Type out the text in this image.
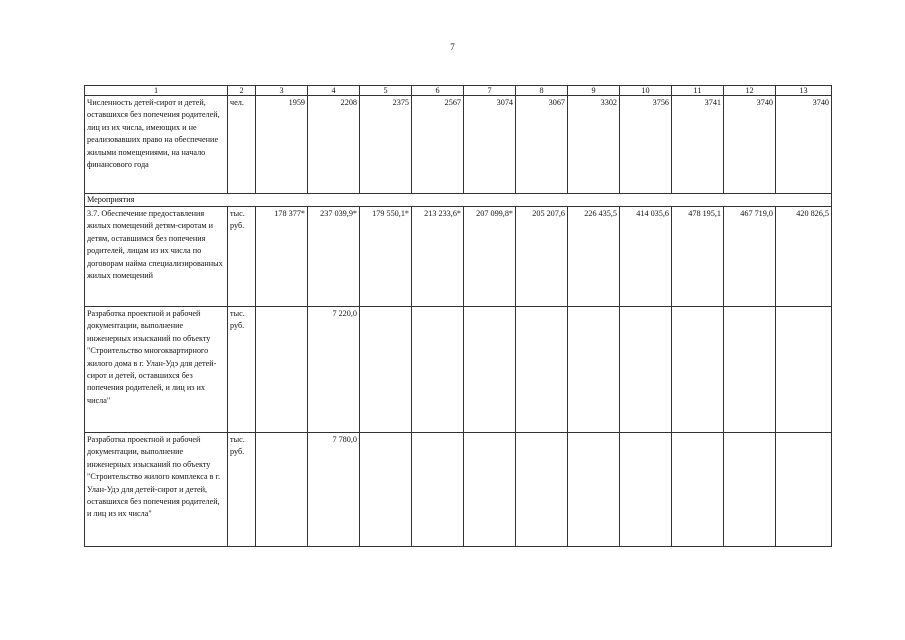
7
1	2	3	4	5	6	7	8	9	10	11	12	13
Численность детей-сирот и детей, оставшихся без попечения родителей, лиц из их числа, имеющих и не реализовавших право на обеспечение жилыми помещениями, на начало финансового года	чел.	1959	2208	2375	2567	3074	3067	3302	3756	3741	3740	3740
Мероприятия												
3.7. Обеспечение предоставления жилых помещений детям-сиротам и детям, оставшимся без попечения родителей, лицам из их числа по договорам найма специализированных жилых помещений	тыс. руб.	178 377*	237 039,9*	179 550,1*	213 233,6*	207 099,8*	205 207,6	226 435,5	414 035,6	478 195,1	467 719,0	420 826,5
Разработка проектной и рабочей документации, выполнение инженерных изысканий по объекту "Строительство многоквартирного жилого дома в г. Улан-Удэ для детей-сирот и детей, оставшихся без попечения родителей, и лиц из их числа"	тыс. руб.		7 220,0									
Разработка проектной и рабочей документации, выполнение инженерных изысканий по объекту "Строительство жилого комплекса в г. Улан-Удэ для детей-сирот и детей, оставшихся без попечения родителей, и лиц из их числа"	тыс. руб.		7 780,0									
